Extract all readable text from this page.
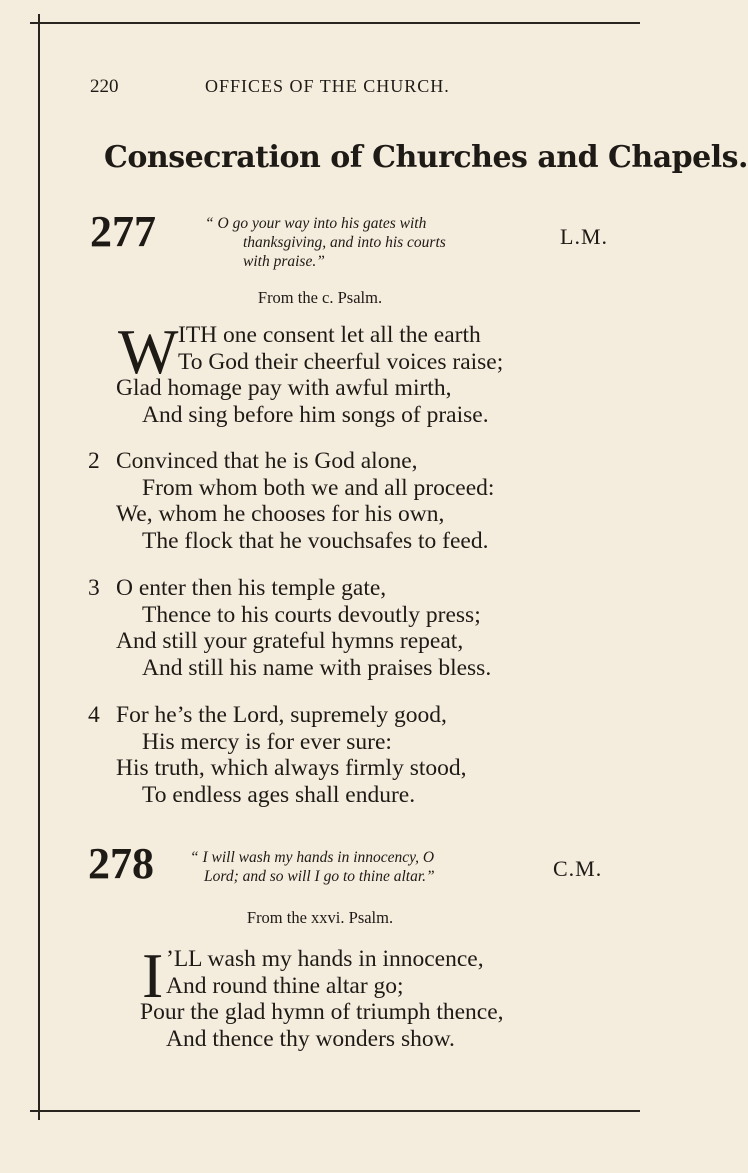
220	OFFICES OF THE CHURCH.
Consecration of Churches and Chapels.
277	“ O go your way into his gates with
thanksgiving, and into his courts
with praise.”
L.M.
From the c. Psalm.
W ITH one consent let all the earth
To God their cheerful voices raise;
Glad homage pay with awful mirth,
And sing before him songs of praise.
2 Convinced that he is God alone,
From whom both we and all proceed:
We, whom he chooses for his own,
The flock that he vouchsafes to feed.
3 O enter then his temple gate,
Thence to his courts devoutly press;
And still your grateful hymns repeat,
And still his name with praises bless.
4 For he’s the Lord, supremely good,
His mercy is for ever sure:
His truth, which always firmly stood,
To endless ages shall endure.
278 “ I will wash my hands in innocency, O
Lord; and so will I go to thine altar.”	C.M.
From the xxvi. Psalm.
I ’LL wash my hands in innocence,
And round thine altar go;
Pour the glad hymn of triumph thence,
And thence thy wonders show.
